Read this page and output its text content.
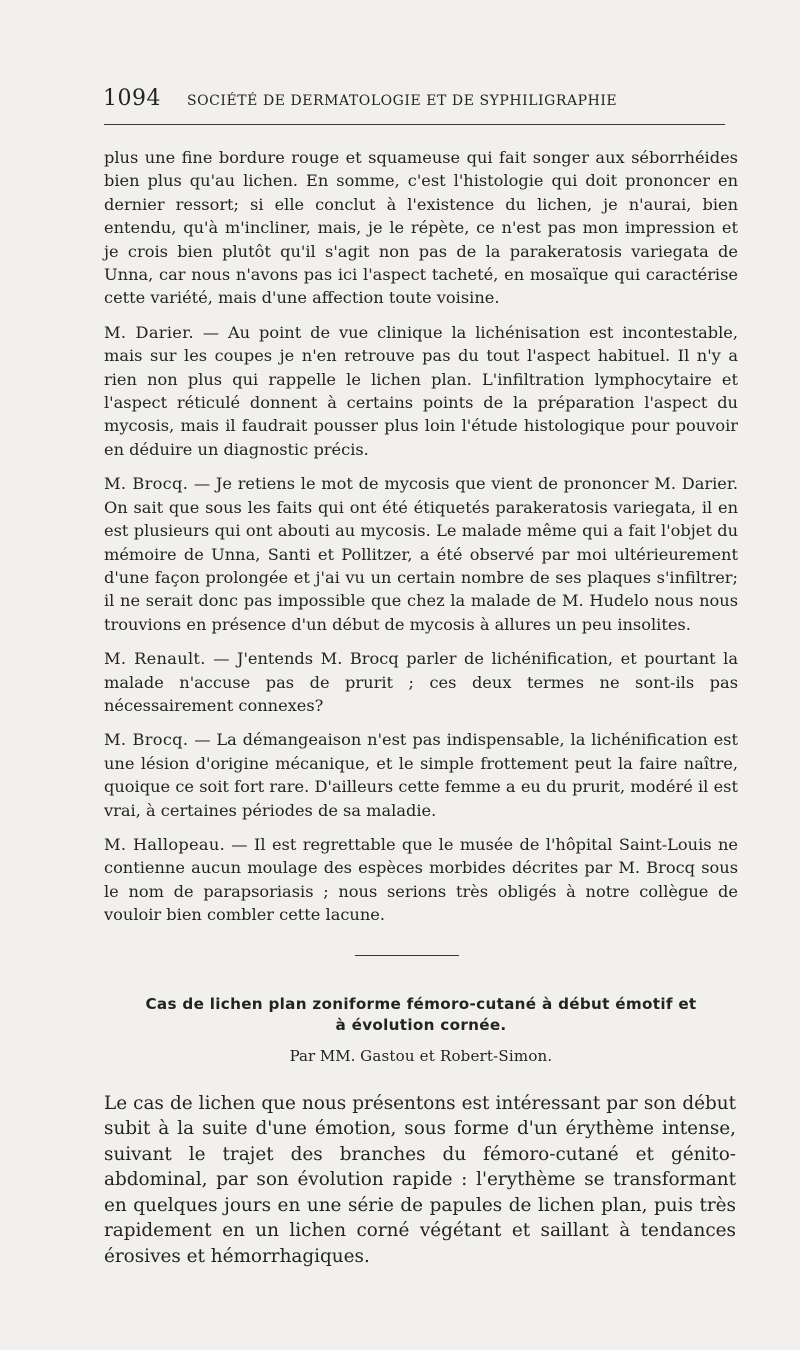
1094 SOCIÉTÉ DE DERMATOLOGIE ET DE SYPHILIGRAPHIE

plus une fine bordure rouge et squameuse qui fait songer aux séborrhéides bien plus qu'au lichen. En somme, c'est l'histologie qui doit prononcer en dernier ressort; si elle conclut à l'existence du lichen, je n'aurai, bien entendu, qu'à m'incliner, mais, je le répète, ce n'est pas mon impression et je crois bien plutôt qu'il s'agit non pas de la parakeratosis variegata de Unna, car nous n'avons pas ici l'aspect tacheté, en mosaïque qui caractérise cette variété, mais d'une affection toute voisine.

M. Darier. — Au point de vue clinique la lichénisation est incontestable, mais sur les coupes je n'en retrouve pas du tout l'aspect habituel. Il n'y a rien non plus qui rappelle le lichen plan. L'infiltration lymphocytaire et l'aspect réticulé donnent à certains points de la préparation l'aspect du mycosis, mais il faudrait pousser plus loin l'étude histologique pour pouvoir en déduire un diagnostic précis.

M. Brocq. — Je retiens le mot de mycosis que vient de prononcer M. Darier. On sait que sous les faits qui ont été étiquetés parakeratosis variegata, il en est plusieurs qui ont abouti au mycosis. Le malade même qui a fait l'objet du mémoire de Unna, Santi et Pollitzer, a été observé par moi ultérieurement d'une façon prolongée et j'ai vu un certain nombre de ses plaques s'infiltrer; il ne serait donc pas impossible que chez la malade de M. Hudelo nous nous trouvions en présence d'un début de mycosis à allures un peu insolites.

M. Renault. — J'entends M. Brocq parler de lichénification, et pourtant la malade n'accuse pas de prurit ; ces deux termes ne sont-ils pas nécessairement connexes?

M. Brocq. — La démangeaison n'est pas indispensable, la lichénification est une lésion d'origine mécanique, et le simple frottement peut la faire naître, quoique ce soit fort rare. D'ailleurs cette femme a eu du prurit, modéré il est vrai, à certaines périodes de sa maladie.

M. Hallopeau. — Il est regrettable que le musée de l'hôpital Saint-Louis ne contienne aucun moulage des espèces morbides décrites par M. Brocq sous le nom de parapsoriasis ; nous serions très obligés à notre collègue de vouloir bien combler cette lacune.

Cas de lichen plan zoniforme fémoro-cutané à début émotif et
à évolution cornée.

Par MM. Gastou et Robert-Simon.

Le cas de lichen que nous présentons est intéressant par son début subit à la suite d'une émotion, sous forme d'un érythème intense, suivant le trajet des branches du fémoro-cutané et génito-abdominal, par son évolution rapide : l'erythème se transformant en quelques jours en une série de papules de lichen plan, puis très rapidement en un lichen corné végétant et saillant à tendances érosives et hémorrhagiques.
